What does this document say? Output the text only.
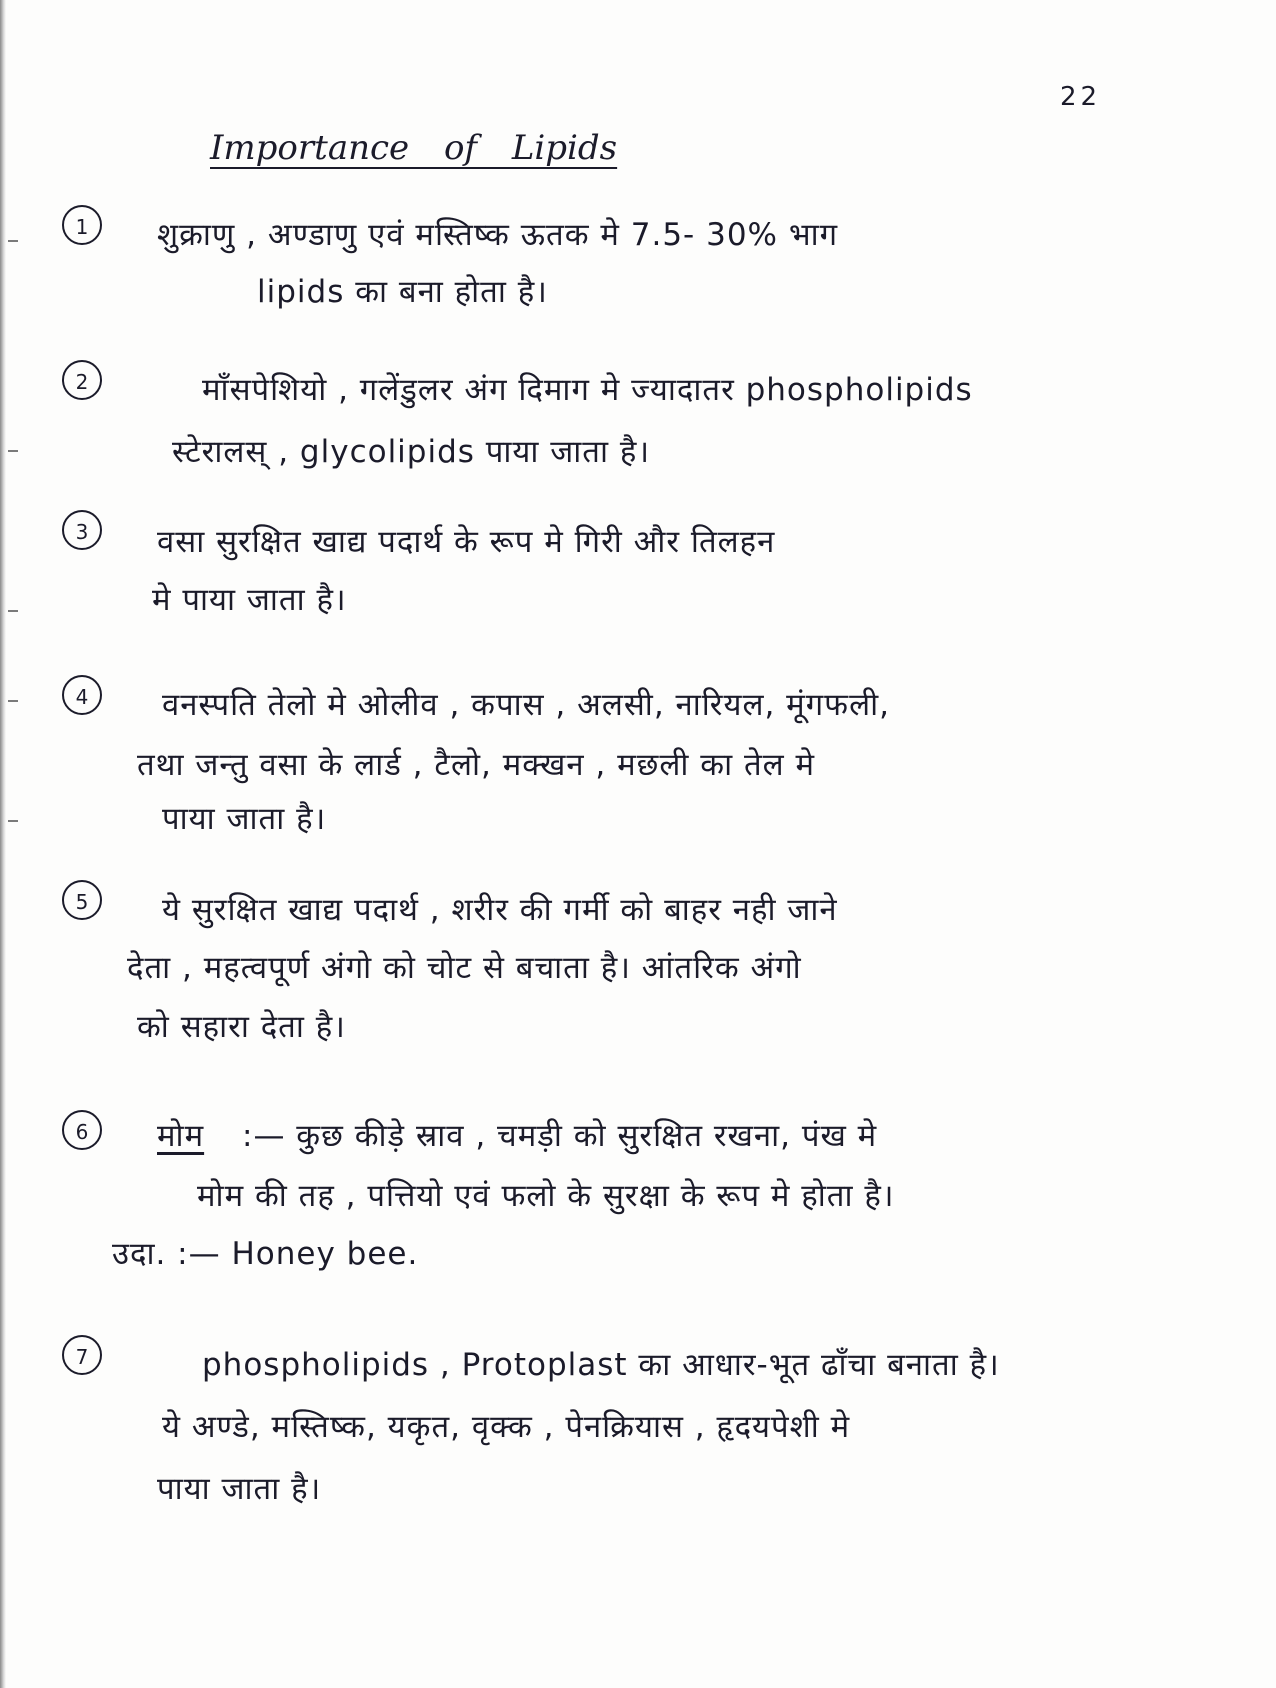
22
Importance of Lipids
1	शुक्राणु , अण्डाणु एवं मस्तिष्क ऊतक मे 7.5- 30% भाग
lipids का बना होता है।
2	माँसपेशियो , गलेंडुलर अंग दिमाग मे ज्यादातर phospholipids
स्टेरालस् , glycolipids पाया जाता है।
3	वसा सुरक्षित खाद्य पदार्थ के रूप मे गिरी और तिलहन
मे पाया जाता है।
4	वनस्पति तेलो मे ओलीव , कपास , अलसी, नारियल, मूंगफली,
तथा जन्तु वसा के लार्ड , टैलो, मक्खन , मछली का तेल मे
पाया जाता है।
5	ये सुरक्षित खाद्य पदार्थ , शरीर की गर्मी को बाहर नही जाने
देता , महत्वपूर्ण अंगो को चोट से बचाता है। आंतरिक अंगो
को सहारा देता है।
6	मोम :— कुछ कीड़े स्राव , चमड़ी को सुरक्षित रखना, पंख मे
मोम की तह , पत्तियो एवं फलो के सुरक्षा के रूप मे होता है।
उदा. :— Honey bee.
7	phospholipids , Protoplast का आधार-भूत ढाँचा बनाता है।
ये अण्डे, मस्तिष्क, यकृत, वृक्क , पेनक्रियास , हृदयपेशी मे
पाया जाता है।
